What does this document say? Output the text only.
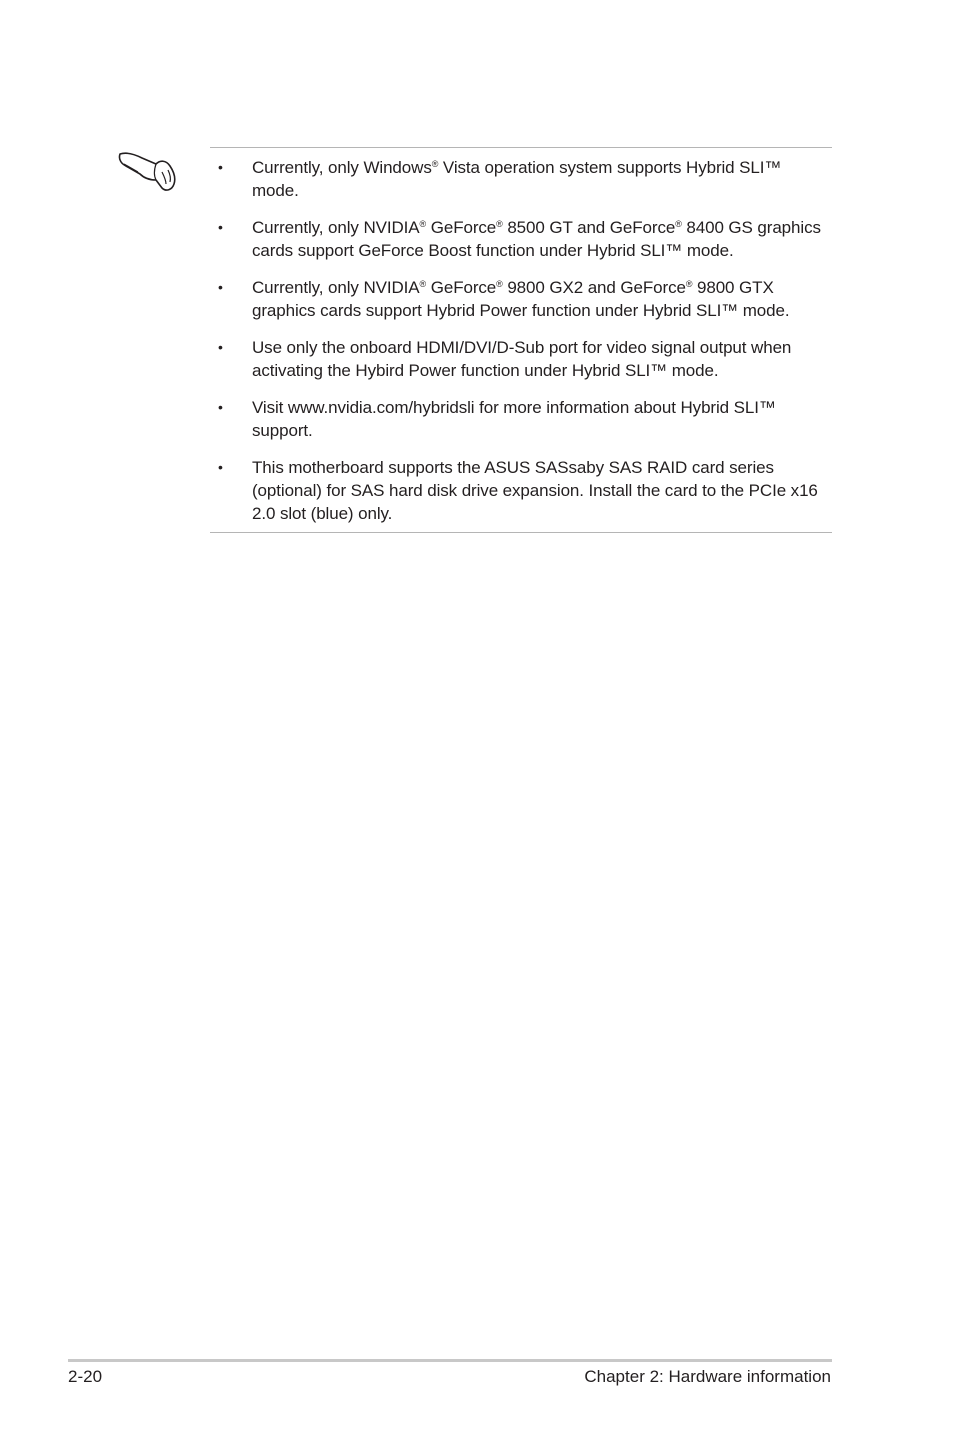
• Currently, only Windows® Vista operation system supports Hybrid SLI™ mode.
• Currently, only NVIDIA® GeForce® 8500 GT and GeForce® 8400 GS graphics cards support GeForce Boost function under Hybrid SLI™ mode.
• Currently, only NVIDIA® GeForce® 9800 GX2 and GeForce® 9800 GTX graphics cards support Hybrid Power function under Hybrid SLI™ mode.
• Use only the onboard HDMI/DVI/D-Sub port for video signal output when activating the Hybird Power function under Hybrid SLI™ mode.
• Visit www.nvidia.com/hybridsli for more information about Hybrid SLI™ support.
• This motherboard supports the ASUS SASsaby SAS RAID card series (optional) for SAS hard disk drive expansion. Install the card to the PCIe x16 2.0 slot (blue) only.
2-20	Chapter 2: Hardware information
